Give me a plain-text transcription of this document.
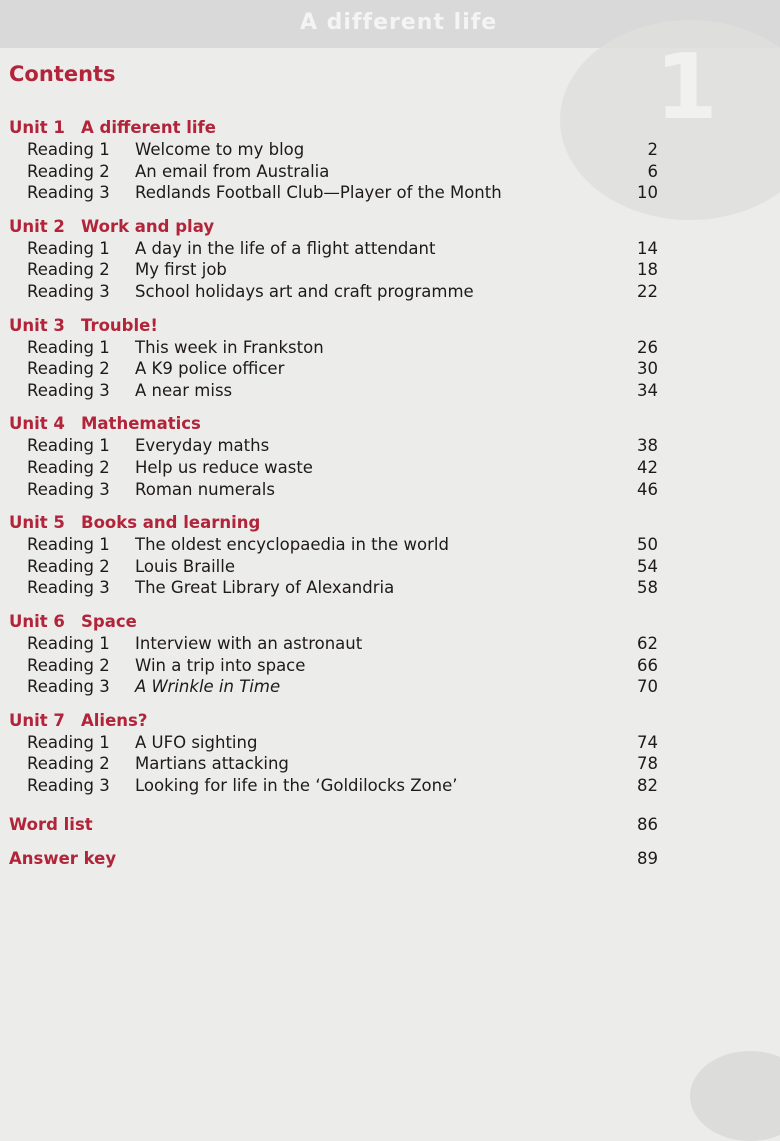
A different life
1
Contents
Unit 1 A different life
Reading 1 Welcome to my blog	2
Reading 2 An email from Australia	6
Reading 3 Redlands Football Club—Player of the Month	10
Unit 2 Work and play
Reading 1 A day in the life of a flight attendant	14
Reading 2 My first job	18
Reading 3 School holidays art and craft programme	22
Unit 3 Trouble!
Reading 1 This week in Frankston	26
Reading 2 A K9 police officer	30
Reading 3 A near miss	34
Unit 4 Mathematics
Reading 1 Everyday maths	38
Reading 2 Help us reduce waste	42
Reading 3 Roman numerals	46
Unit 5 Books and learning
Reading 1 The oldest encyclopaedia in the world	50
Reading 2 Louis Braille	54
Reading 3 The Great Library of Alexandria	58
Unit 6 Space
Reading 1 Interview with an astronaut	62
Reading 2 Win a trip into space	66
Reading 3 A Wrinkle in Time	70
Unit 7 Aliens?
Reading 1 A UFO sighting	74
Reading 2 Martians attacking	78
Reading 3 Looking for life in the ‘Goldilocks Zone’	82
Word list	86
Answer key	89
